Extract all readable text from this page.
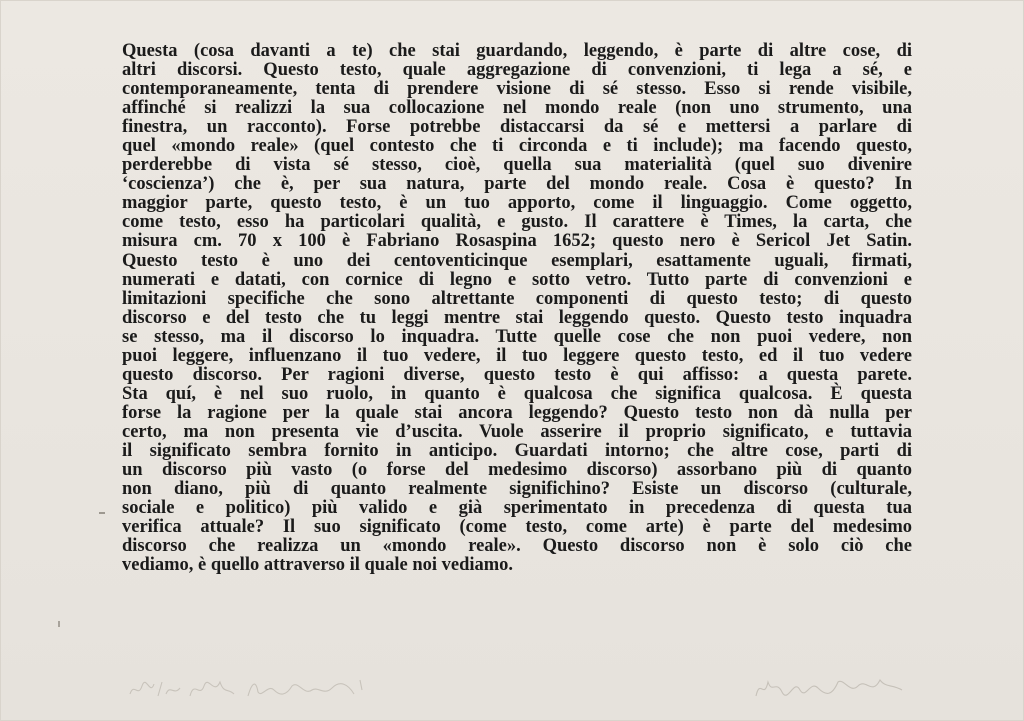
Questa (cosa davanti a te) che stai guardando, leggendo, è parte di altre cose, di
altri discorsi. Questo testo, quale aggregazione di convenzioni, ti lega a sé, e
contemporaneamente, tenta di prendere visione di sé stesso. Esso si rende visibile,
affinché si realizzi la sua collocazione nel mondo reale (non uno strumento, una
finestra, un racconto). Forse potrebbe distaccarsi da sé e mettersi a parlare di
quel «mondo reale» (quel contesto che ti circonda e ti include); ma facendo questo,
perderebbe di vista sé stesso, cioè, quella sua materialità (quel suo divenire
‘coscienza’) che è, per sua natura, parte del mondo reale. Cosa è questo? In
maggior parte, questo testo, è un tuo apporto, come il linguaggio. Come oggetto,
come testo, esso ha particolari qualità, e gusto. Il carattere è Times, la carta, che
misura cm. 70 x 100 è Fabriano Rosaspina 1652; questo nero è Sericol Jet Satin.
Questo testo è uno dei centoventicinque esemplari, esattamente uguali, firmati,
numerati e datati, con cornice di legno e sotto vetro. Tutto parte di convenzioni e
limitazioni specifiche che sono altrettante componenti di questo testo; di questo
discorso e del testo che tu leggi mentre stai leggendo questo. Questo testo inquadra
se stesso, ma il discorso lo inquadra. Tutte quelle cose che non puoi vedere, non
puoi leggere, influenzano il tuo vedere, il tuo leggere questo testo, ed il tuo vedere
questo discorso. Per ragioni diverse, questo testo è qui affisso: a questa parete.
Sta quí, è nel suo ruolo, in quanto è qualcosa che significa qualcosa. È questa
forse la ragione per la quale stai ancora leggendo? Questo testo non dà nulla per
certo, ma non presenta vie d’uscita. Vuole asserire il proprio significato, e tuttavia
il significato sembra fornito in anticipo. Guardati intorno; che altre cose, parti di
un discorso più vasto (o forse del medesimo discorso) assorbano più di quanto
non diano, più di quanto realmente significhino? Esiste un discorso (culturale,
sociale e politico) più valido e già sperimentato in precedenza di questa tua
verifica attuale? Il suo significato (come testo, come arte) è parte del medesimo
discorso che realizza un «mondo reale». Questo discorso non è solo ciò che
vediamo, è quello attraverso il quale noi vediamo.
